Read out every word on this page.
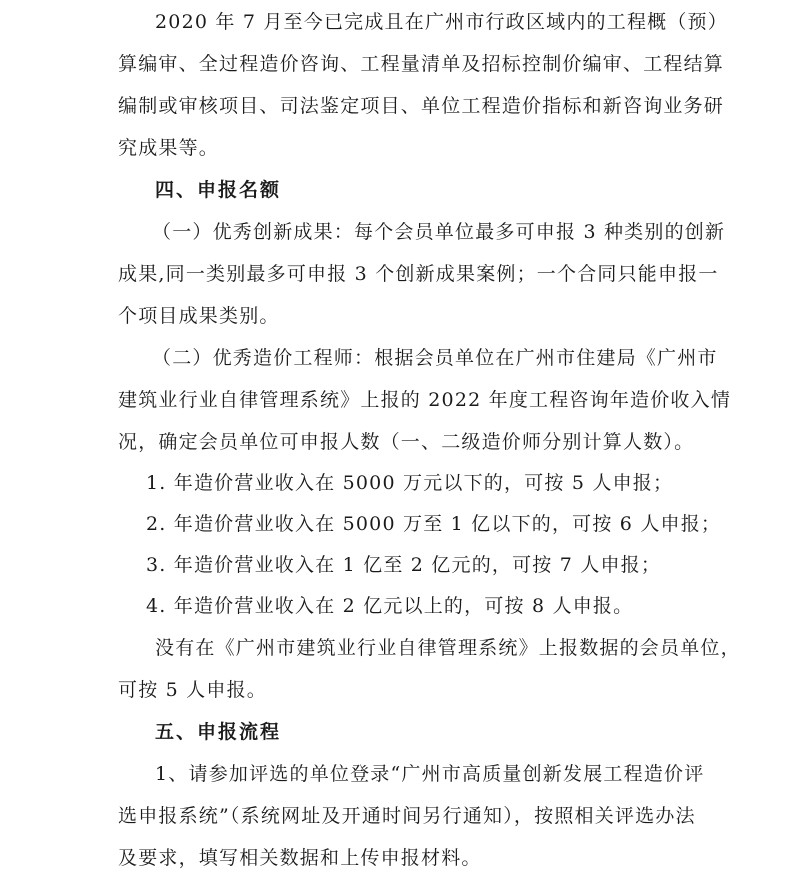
2020 年 7 月至今已完成且在广州市行政区域内的工程概（预）
算编审、全过程造价咨询、工程量清单及招标控制价编审、工程结算
编制或审核项目、司法鉴定项目、单位工程造价指标和新咨询业务研
究成果等。
四、申报名额
（一）优秀创新成果：每个会员单位最多可申报 3 种类别的创新
成果,同一类别最多可申报 3 个创新成果案例；一个合同只能申报一
个项目成果类别。
（二）优秀造价工程师：根据会员单位在广州市住建局《广州市
建筑业行业自律管理系统》上报的 2022 年度工程咨询年造价收入情
况，确定会员单位可申报人数（一、二级造价师分别计算人数）。
1. 年造价营业收入在 5000 万元以下的，可按 5 人申报；
2. 年造价营业收入在 5000 万至 1 亿以下的，可按 6 人申报；
3. 年造价营业收入在 1 亿至 2 亿元的，可按 7 人申报；
4. 年造价营业收入在 2 亿元以上的，可按 8 人申报。
没有在《广州市建筑业行业自律管理系统》上报数据的会员单位，
可按 5 人申报。
五、申报流程
1、请参加评选的单位登录“广州市高质量创新发展工程造价评
选申报系统”（系统网址及开通时间另行通知），按照相关评选办法
及要求，填写相关数据和上传申报材料。
